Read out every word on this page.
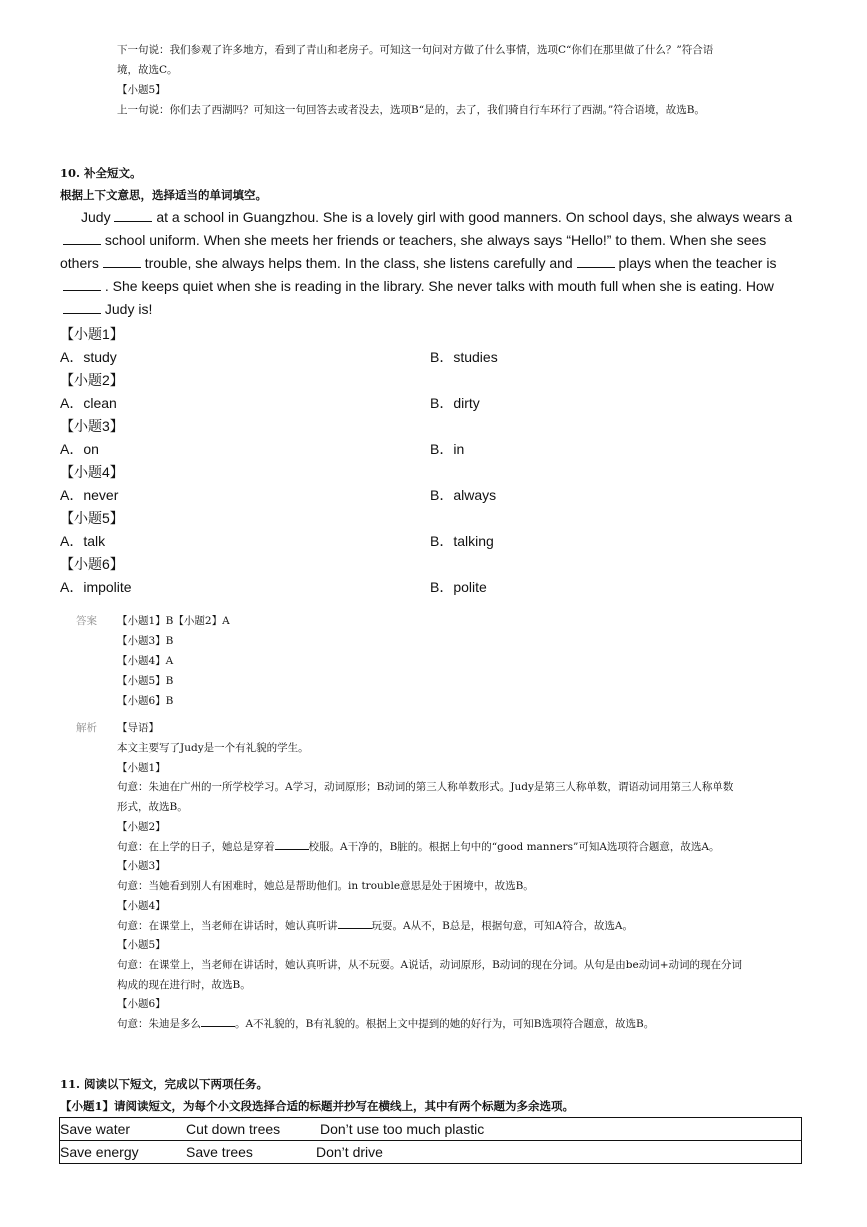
下一句说：我们参观了许多地方，看到了青山和老房子。可知这一句问对方做了什么事情，选项C“你们在那里做了什么？”符合语
境，故选C。
【小题5】
上一句说：你们去了西湖吗？可知这一句回答去或者没去，选项B“是的，去了，我们骑自行车环行了西湖。”符合语境，故选B。
10. 补全短文。
根据上下文意思，选择适当的单词填空。
Judy	at a school in Guangzhou. She is a lovely girl with good manners. On school days, she always wears a
school uniform. When she meets her friends or teachers, she always says “Hello!” to them. When she sees
others	trouble, she always helps them. In the class, she listens carefully and	plays when the teacher is
. She keeps quiet when she is reading in the library. She never talks with mouth full when she is eating. How
Judy is!
【小题1】
A．study	B．studies
【小题2】
A．clean	B．dirty
【小题3】
A．on	B．in
【小题4】
A．never	B．always
【小题5】
A．talk	B．talking
【小题6】
A．impolite	B．polite
答案 【小题1】B【小题2】A
【小题3】B
【小题4】A
【小题5】B
【小题6】B
解析 【导语】
本文主要写了Judy是一个有礼貌的学生。
【小题1】
句意：朱迪在广州的一所学校学习。A学习，动词原形；B动词的第三人称单数形式。Judy是第三人称单数，谓语动词用第三人称单数
形式，故选B。
【小题2】
句意：在上学的日子，她总是穿着	校服。A干净的，B脏的。根据上句中的“good manners”可知A选项符合题意，故选A。
【小题3】
句意：当她看到别人有困难时，她总是帮助他们。in trouble意思是处于困境中，故选B。
【小题4】
句意：在课堂上，当老师在讲话时，她认真听讲	玩耍。A从不，B总是，根据句意，可知A符合，故选A。
【小题5】
句意：在课堂上，当老师在讲话时，她认真听讲，从不玩耍。A说话，动词原形，B动词的现在分词。从句是由be动词+动词的现在分词
构成的现在进行时，故选B。
【小题6】
句意：朱迪是多么	。A不礼貌的，B有礼貌的。根据上文中提到的她的好行为，可知B选项符合题意，故选B。
11. 阅读以下短文，完成以下两项任务。
【小题1】请阅读短文，为每个小文段选择合适的标题并抄写在横线上，其中有两个标题为多余选项。
Save water	Cut down trees	Don’t use too much plastic

Save energy	Save trees	Don’t drive
